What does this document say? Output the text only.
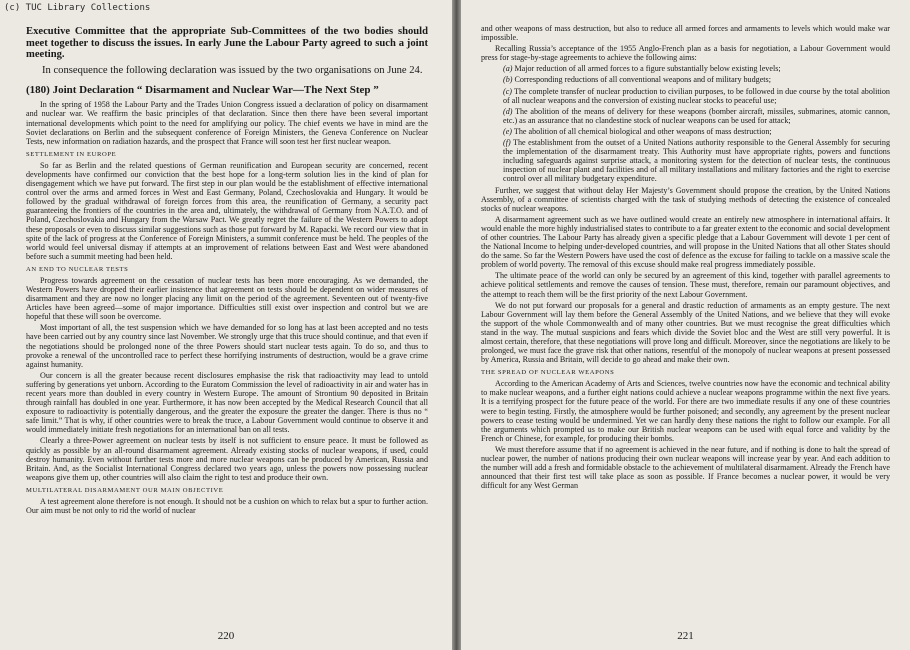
(c) TUC Library Collections

Executive Committee that the appropriate Sub-Committees of the two bodies should meet together to discuss the issues. In early June the Labour Party agreed to such a joint meeting.

In consequence the following declaration was issued by the two organisations on June 24.

(180) Joint Declaration “ Disarmament and Nuclear War—The Next Step ”

In the spring of 1958 the Labour Party and the Trades Union Congress issued a declaration of policy on disarmament and nuclear war. We reaffirm the basic principles of that declaration. Since then there have been several important international developments which point to the need for amplifying our policy. The chief events we have in mind are the Soviet declarations on Berlin and the subsequent conference of Foreign Ministers, the Geneva Conference on Nuclear Tests, new information on radiation hazards, and the prospect that France will soon test her first nuclear weapon.

SETTLEMENT IN EUROPE

So far as Berlin and the related questions of German reunification and European security are concerned, recent developments have confirmed our conviction that the best hope for a long-term solution lies in the kind of plan for disengagement which we have put forward. The first step in our plan would be the establishment of effective international control over the arms and armed forces in West and East Germany, Poland, Czechoslovakia and Hungary. It would be followed by the gradual withdrawal of foreign forces from this area, the reunification of Germany, a security pact guaranteeing the frontiers of the countries in the area and, ultimately, the withdrawal of Germany from N.A.T.O. and of Poland, Czechoslovakia and Hungary from the Warsaw Pact. We greatly regret the failure of the Western Powers to adopt these proposals or even to discuss similar suggestions such as those put forward by M. Rapacki. We record our view that in spite of the lack of progress at the Conference of Foreign Ministers, a summit conference must be held. The peoples of the world would feel universal dismay if attempts at an improvement of relations between East and West were abandoned before such a summit meeting had been held.

AN END TO NUCLEAR TESTS

Progress towards agreement on the cessation of nuclear tests has been more encouraging. As we demanded, the Western Powers have dropped their earlier insistence that agreement on tests should be dependent on wider measures of disarmament and they are now no longer placing any limit on the period of the agreement. Seventeen out of twenty-five Articles have been agreed—some of major importance. Difficulties still exist over inspection and control but we are hopeful that these will soon be overcome.

Most important of all, the test suspension which we have demanded for so long has at last been accepted and no tests have been carried out by any country since last November. We strongly urge that this truce should continue, and that even if the negotiations should be prolonged none of the three Powers should start nuclear tests again. To do so, and thus to provoke a renewal of the uncontrolled race to perfect these horrifying instruments of destruction, would be a grave crime against humanity.

Our concern is all the greater because recent disclosures emphasise the risk that radioactivity may lead to untold suffering by generations yet unborn. According to the Euratom Commission the level of radioactivity in air and water has in recent years more than doubled in every country in Western Europe. The amount of Strontium 90 deposited in Britain through rainfall has doubled in one year. Furthermore, it has now been accepted by the Medical Research Council that all exposure to radioactivity is potentially dangerous, and the greater the exposure the greater the danger. There is thus no “ safe limit.” That is why, if other countries were to break the truce, a Labour Government would continue to observe it and would immediately initiate fresh negotiations for an international ban on all tests.

Clearly a three-Power agreement on nuclear tests by itself is not sufficient to ensure peace. It must be followed as quickly as possible by an all-round disarmament agreement. Already existing stocks of nuclear weapons, if used, could destroy humanity. Even without further tests more and more nuclear weapons can be produced by American, Russia and Britain. And, as the Socialist International Congress declared two years ago, unless the powers now possessing nuclear weapons give them up, other countries will also claim the right to test and produce their own.

MULTILATERAL DISARMAMENT OUR MAIN OBJECTIVE

A test agreement alone therefore is not enough. It should not be a cushion on which to relax but a spur to further action. Our aim must be not only to rid the world of nuclear

220

and other weapons of mass destruction, but also to reduce all armed forces and armaments to levels which would make war impossible.

Recalling Russia’s acceptance of the 1955 Anglo-French plan as a basis for negotiation, a Labour Government would press for stage-by-stage agreements to achieve the following aims:

(a) Major reduction of all armed forces to a figure substantially below existing levels;

(b) Corresponding reductions of all conventional weapons and of military budgets;

(c) The complete transfer of nuclear production to civilian purposes, to be followed in due course by the total abolition of all nuclear weapons and the conversion of existing nuclear stocks to peaceful use;

(d) The abolition of the means of delivery for these weapons (bomber aircraft, missiles, submarines, atomic cannon, etc.) as an assurance that no clandestine stock of nuclear weapons can be used for attack;

(e) The abolition of all chemical biological and other weapons of mass destruction;

(f) The establishment from the outset of a United Nations authority responsible to the General Assembly for securing the implementation of the disarmament treaty. This Authority must have appropriate rights, powers and functions including safeguards against surprise attack, a monitoring system for the detection of nuclear tests, the continuous inspection of nuclear plant and facilities and of all military installations and military factories and the right to exercise control over all military budgetary expenditure.

Further, we suggest that without delay Her Majesty’s Government should propose the creation, by the United Nations Assembly, of a committee of scientists charged with the task of studying methods of detecting the existence of concealed stocks of nuclear weapons.

A disarmament agreement such as we have outlined would create an entirely new atmosphere in international affairs. It would enable the more highly industrialised states to contribute to a far greater extent to the economic and social development of other countries. The Labour Party has already given a specific pledge that a Labour Government will devote 1 per cent of the National Income to helping under-developed countries, and will propose in the United Nations that all other States should do the same. So far the Western Powers have used the cost of defence as the excuse for failing to tackle on a massive scale the problem of world poverty. The removal of this excuse should make real progress immediately possible.

The ultimate peace of the world can only be secured by an agreement of this kind, together with parallel agreements to achieve political settlements and remove the causes of tension. These must, therefore, remain our paramount objectives, and the attempt to reach them will be the first priority of the next Labour Government.

We do not put forward our proposals for a general and drastic reduction of armaments as an empty gesture. The next Labour Government will lay them before the General Assembly of the United Nations, and we believe that they will evoke the support of the whole Commonwealth and of many other countries. But we must recognise the great difficulties which stand in the way. The mutual suspicions and fears which divide the Soviet bloc and the West are still very powerful. It is almost certain, therefore, that these negotiations will prove long and difficult. Moreover, since the negotiations are likely to be prolonged, we must face the grave risk that other nations, resentful of the monopoly of nuclear weapons at present possessed by America, Russia and Britain, will decide to go ahead and make their own.

THE SPREAD OF NUCLEAR WEAPONS

According to the American Academy of Arts and Sciences, twelve countries now have the economic and technical ability to make nuclear weapons, and a further eight nations could achieve a nuclear weapons programme within the next five years. It is a terrifying prospect for the future peace of the world. For there are two immediate results if any one of these countries were to begin testing. Firstly, the atmosphere would be further poisoned; and secondly, any agreement by the present nuclear powers to cease testing would be undermined. Yet we can hardly deny these nations the right to follow our example. For all the arguments which prompted us to make our British nuclear weapons can be used with equal force and validity by the French or Chinese, for example, for producing their bombs.

We must therefore assume that if no agreement is achieved in the near future, and if nothing is done to halt the spread of nuclear power, the number of nations producing their own nuclear weapons will increase year by year. And each addition to the number will add a fresh and formidable obstacle to the achievement of multilateral disarmament. Already the French have announced that their first test will take place as soon as possible. If France becomes a nuclear power, it would be very difficult for any West German

221
